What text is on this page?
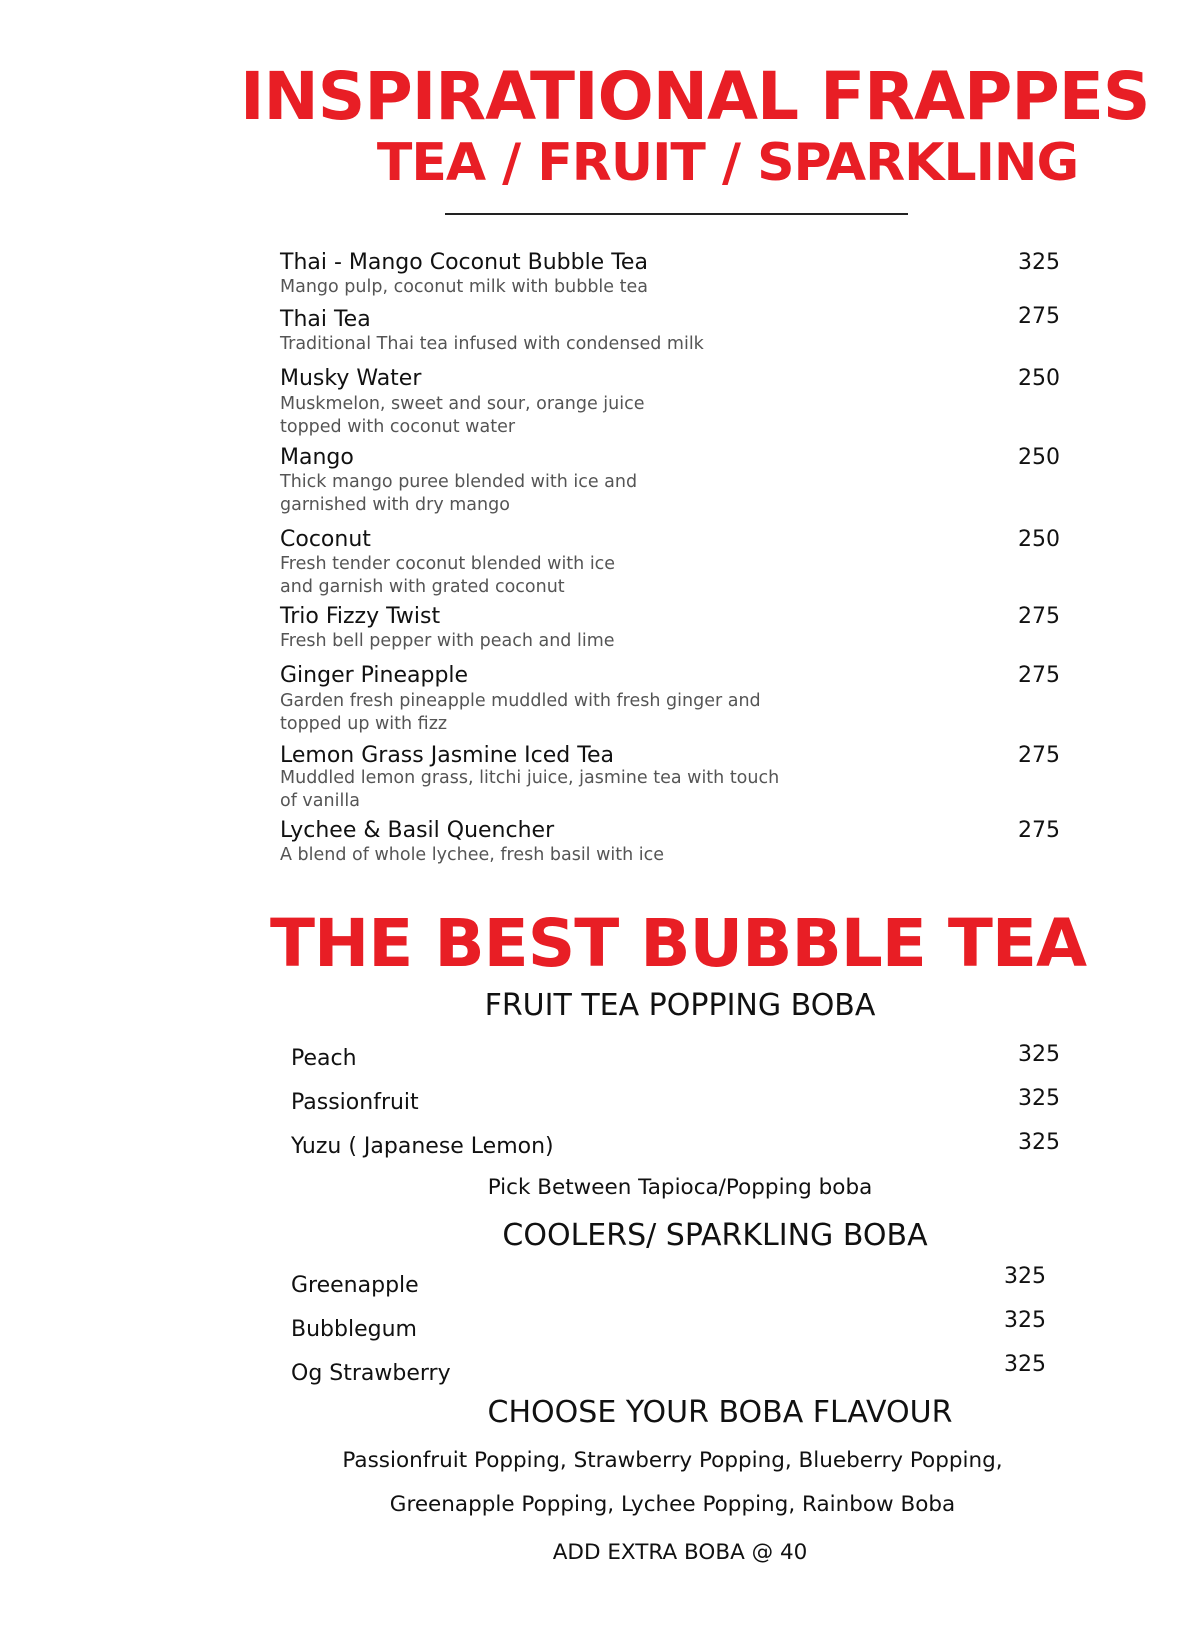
INSPIRATIONAL FRAPPES
TEA / FRUIT / SPARKLING
Thai - Mango Coconut Bubble Tea
Mango pulp, coconut milk with bubble tea
325
Thai Tea
Traditional Thai tea infused with condensed milk
275
Musky Water
Muskmelon, sweet and sour, orange juice
topped with coconut water
250
Mango
Thick mango puree blended with ice and
garnished with dry mango
250
Coconut
Fresh tender coconut blended with ice
and garnish with grated coconut
250
Trio Fizzy Twist
Fresh bell pepper with peach and lime
275
Ginger Pineapple
Garden fresh pineapple muddled with fresh ginger and
topped up with fizz
275
Lemon Grass Jasmine Iced Tea
Muddled lemon grass, litchi juice, jasmine tea with touch
of vanilla
275
Lychee & Basil Quencher
A blend of whole lychee, fresh basil with ice
275
THE BEST BUBBLE TEA
FRUIT TEA POPPING BOBA
Peach	325
Passionfruit	325
Yuzu ( Japanese Lemon)	325
Pick Between Tapioca/Popping boba
COOLERS/ SPARKLING BOBA
Greenapple	325
Bubblegum	325
Og Strawberry	325
CHOOSE YOUR BOBA FLAVOUR
Passionfruit Popping, Strawberry Popping, Blueberry Popping,
Greenapple Popping, Lychee Popping, Rainbow Boba
ADD EXTRA BOBA @ 40
